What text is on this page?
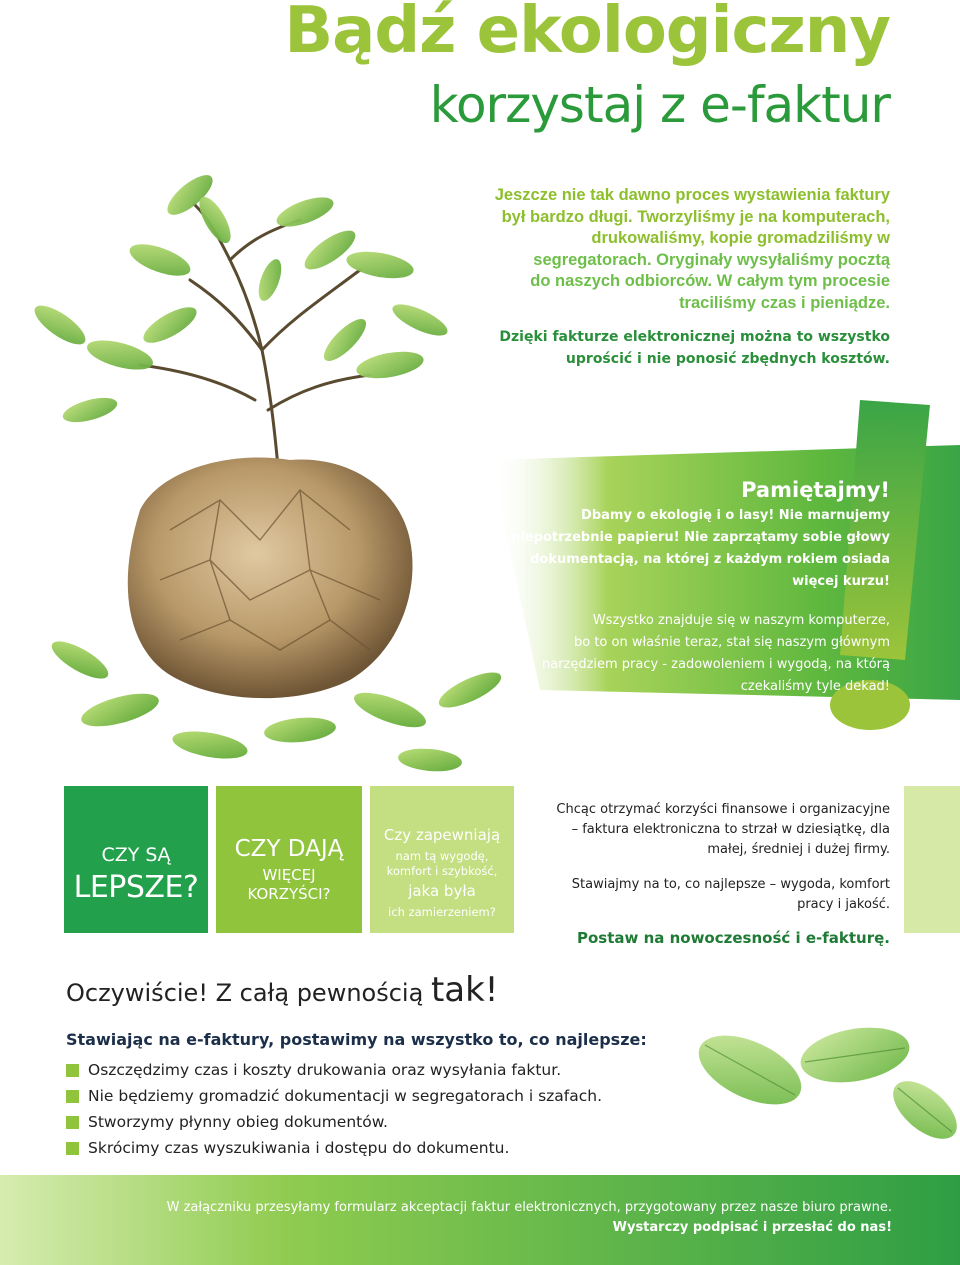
Bądź ekologiczny
korzystaj z e-faktur
Jeszcze nie tak dawno proces wystawienia faktury
był bardzo długi. Tworzyliśmy je na komputerach,
drukowaliśmy, kopie gromadziliśmy w
segregatorach. Oryginały wysyłaliśmy pocztą
do naszych odbiorców. W całym tym procesie
traciliśmy czas i pieniądze.
Dzięki fakturze elektronicznej można to wszystko
uprościć i nie ponosić zbędnych kosztów.
Pamiętajmy!
Dbamy o ekologię i o lasy! Nie marnujemy
niepotrzebnie papieru! Nie zaprzątamy sobie głowy
dokumentacją, na której z każdym rokiem osiada
więcej kurzu!
Wszystko znajduje się w naszym komputerze,
bo to on właśnie teraz, stał się naszym głównym
narzędziem pracy - zadowoleniem i wygodą, na którą
czekaliśmy tyle dekad!
CZY SĄ
LEPSZE?
CZY DAJĄ
WIĘCEJ
KORZYŚCI?
Czy zapewniają
nam tą wygodę,
komfort i szybkość,
jaka była
ich zamierzeniem?

Chcąc otrzymać korzyści finansowe i organizacyjne
– faktura elektroniczna to strzał w dziesiątkę, dla
małej, średniej i dużej firmy.

Stawiajmy na to, co najlepsze – wygoda, komfort
pracy i jakość.

Postaw na nowoczesność i e-fakturę.
Oczywiście! Z całą pewnością tak!
Stawiając na e-faktury, postawimy na wszystko to, co najlepsze:
Oszczędzimy czas i koszty drukowania oraz wysyłania faktur.
Nie będziemy gromadzić dokumentacji w segregatorach i szafach.
Stworzymy płynny obieg dokumentów.
Skrócimy czas wyszukiwania i dostępu do dokumentu.
W załączniku przesyłamy formularz akceptacji faktur elektronicznych, przygotowany przez nasze biuro prawne.
Wystarczy podpisać i przesłać do nas!
